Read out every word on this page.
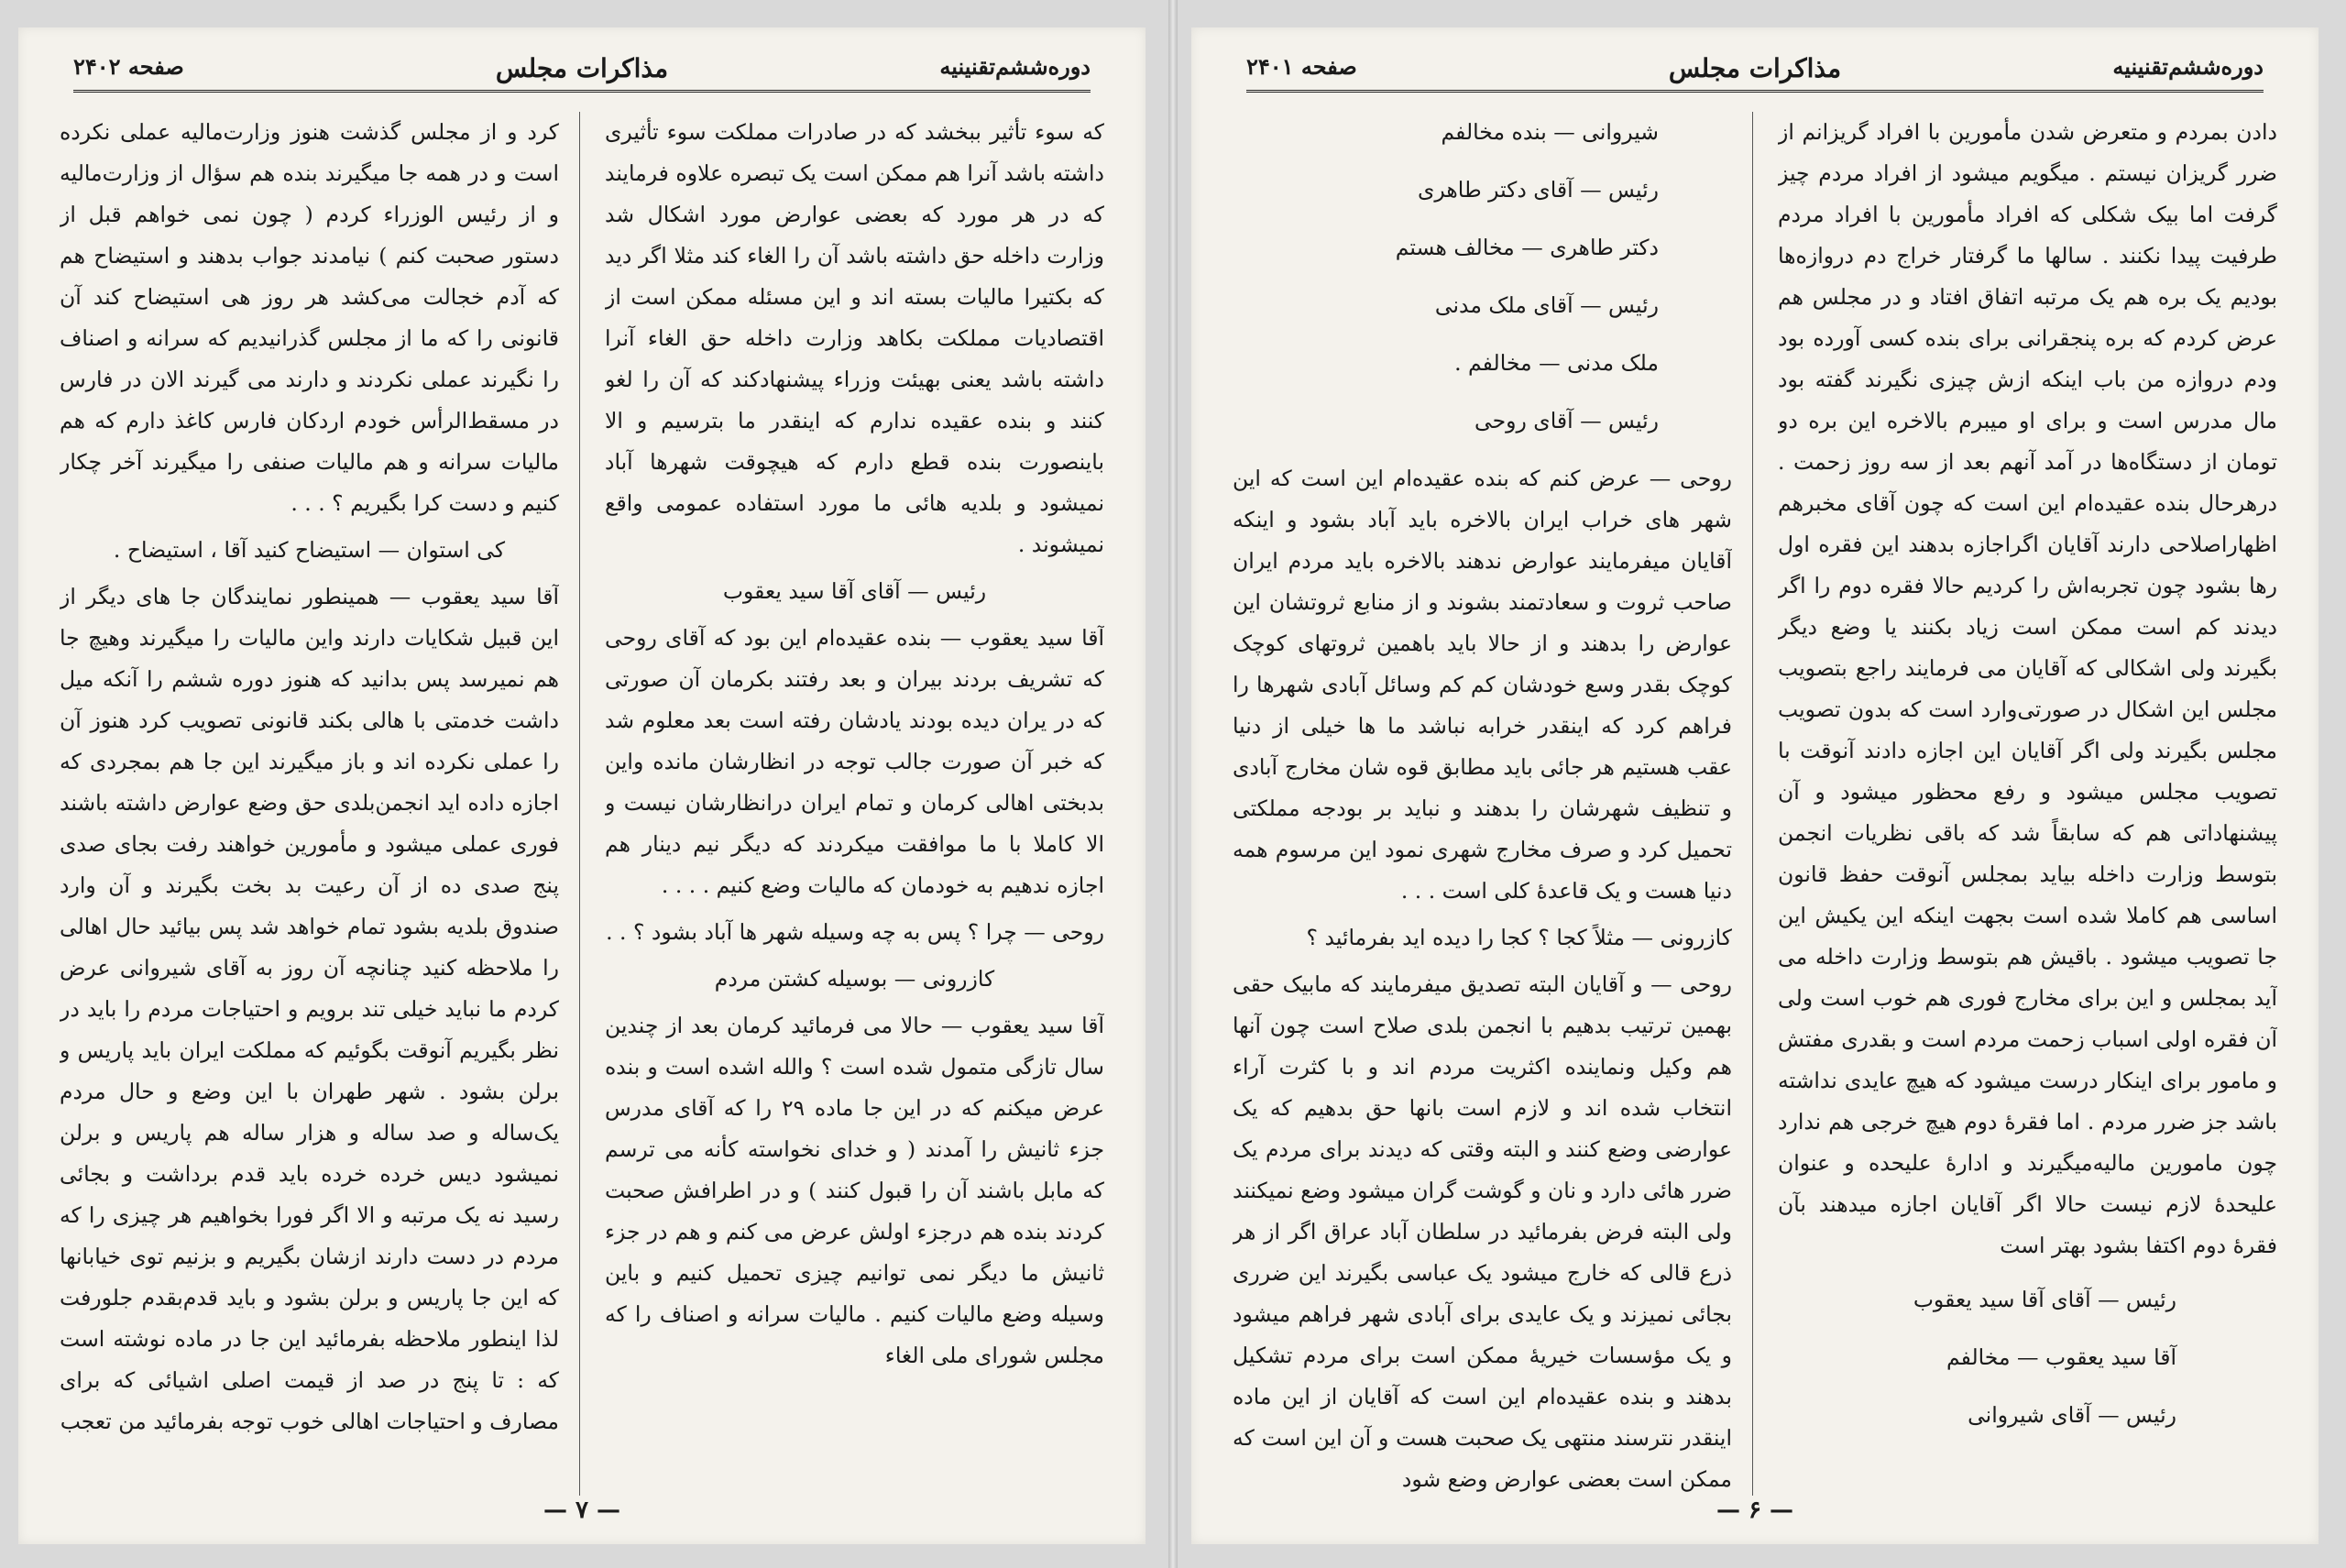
دوره‌ششم‌تقنینیه
مذاکرات مجلس
صفحه ۲۴۰۲

که سوء تأثیر ببخشد که در صادرات مملکت سوء تأثیری داشته باشد آنرا هم ممکن است یک تبصره علاوه فرمایند که در هر مورد که بعضی عوارض مورد اشکال شد وزارت داخله حق داشته باشد آن را الغاء کند مثلا اگر دید که بکتیرا مالیات بسته اند و این مسئله ممکن است از اقتصادیات مملکت بکاهد وزارت داخله حق الغاء آنرا داشته باشد یعنی بهیئت وزراء پیشنهادکند که آن را لغو کنند و بنده عقیده ندارم که اینقدر ما بترسیم و الا باینصورت بنده قطع دارم که هیچوقت شهرها آباد نمیشود و بلدیه هائی ما مورد استفاده عمومی واقع نمیشوند .

رئیس — آقای آقا سید یعقوب

آقا سید یعقوب — بنده عقیده‌ام این بود که آقای روحی که تشریف بردند بیران و بعد رفتند بکرمان آن صورتی که در یران دیده بودند یادشان رفته است بعد معلوم شد که خبر آن صورت جالب توجه در انظارشان مانده واین بدبختی اهالی کرمان و تمام ایران درانظارشان نیست و الا کاملا با ما موافقت میکردند که دیگر نیم دینار هم اجازه ندهیم به خودمان که مالیات وضع کنیم . . . .

روحی — چرا ؟ پس به چه وسیله شهر ها آباد بشود ؟ . .

کازرونی — بوسیله کشتن مردم

آقا سید یعقوب — حالا می فرمائید کرمان بعد از چندین سال تازگی متمول شده است ؟ والله اشده است و بنده عرض میکنم که در این جا ماده ۲۹ را که آقای مدرس جزء ثانیش را آمدند ( و خدای نخواسته کأنه می ترسم که مابل باشند آن را قبول کنند ) و در اطرافش صحبت کردند بنده هم درجزء اولش عرض می کنم و هم در جزء ثانیش ما دیگر نمی توانیم چیزی تحمیل کنیم و باین وسیله وضع مالیات کنیم . مالیات سرانه و اصناف را که مجلس شورای ملی الغاء

کرد و از مجلس گذشت هنوز وزارت‌مالیه عملی نکرده است و در همه جا میگیرند بنده هم سؤال از وزارت‌مالیه و از رئیس الوزراء کردم ( چون نمی خواهم قبل از دستور صحبت کنم ) نیامدند جواب بدهند و استیضاح هم که آدم خجالت می‌کشد هر روز هی استیضاح کند آن قانونی را که ما از مجلس گذرانیدیم که سرانه و اصناف را نگیرند عملی نکردند و دارند می گیرند الان در فارس در مسقط‌الرأس خودم اردکان فارس کاغذ دارم که هم مالیات سرانه و هم مالیات صنفی را میگیرند آخر چکار کنیم و دست کرا بگیریم ؟ . . .

کی استوان — استیضاح کنید آقا ، استیضاح .

آقا سید یعقوب — همینطور نمایندگان جا های دیگر از این قبیل شکایات دارند واین مالیات را میگیرند وهیچ جا هم نمیرسد پس بدانید که هنوز دوره ششم را آنکه میل داشت خدمتی با هالی بکند قانونی تصویب کرد هنوز آن را عملی نکرده اند و باز میگیرند این جا هم بمجردی که اجازه داده اید انجمن‌بلدی حق وضع عوارض داشته باشند فوری عملی میشود و مأمورین خواهند رفت بجای صدی پنج صدی ده از آن رعیت بد بخت بگیرند و آن وارد صندوق بلدیه بشود تمام خواهد شد پس بیائید حال اهالی را ملاحظه کنید چنانچه آن روز به آقای شیروانی عرض کردم ما نباید خیلی تند برویم و احتیاجات مردم را باید در نظر بگیریم آنوقت بگوئیم که مملکت ایران باید پاریس و برلن بشود . شهر طهران با این وضع و حال مردم یک‌ساله و صد ساله و هزار ساله هم پاریس و برلن نمیشود دیس خرده خرده باید قدم برداشت و بجائی رسید نه یک مرتبه و الا اگر فورا بخواهیم هر چیزی را که مردم در دست دارند ازشان بگیریم و بزنیم توی خیابانها که این جا پاریس و برلن بشود و باید قدم‌بقدم جلورفت لذا اینطور ملاحظه بفرمائید این جا در ماده نوشته است که : تا پنج در صد از قیمت اصلی اشیائی که برای مصارف و احتیاجات اهالی خوب توجه بفرمائید من تعجب

— ۷ —
دوره‌ششم‌تقنینیه
مذاکرات مجلس
صفحه ۲۴۰۱

دادن بمردم و متعرض شدن مأمورین با افراد گریزانم از ضرر گریزان نیستم . میگویم میشود از افراد مردم چیز گرفت اما بیک شکلی که افراد مأمورین با افراد مردم طرفیت پیدا نکنند . سالها ما گرفتار خراج دم دروازه‌ها بودیم یک بره هم یک مرتبه اتفاق افتاد و در مجلس هم عرض کردم که بره پنجقرانی برای بنده کسی آورده بود ودم دروازه من باب اینکه ازش چیزی نگیرند گفته بود مال مدرس است و برای او میبرم بالاخره این بره دو تومان از دستگاه‌ها در آمد آنهم بعد از سه روز زحمت . درهرحال بنده عقیده‌ام این است که چون آقای مخبرهم اظهاراصلاحی دارند آقایان اگراجازه بدهند این فقره اول رها بشود چون تجربه‌اش را کردیم حالا فقره دوم را اگر دیدند کم است ممکن است زیاد بکنند یا وضع دیگر بگیرند ولی اشکالی که آقایان می فرمایند راجع بتصویب مجلس این اشکال در صورتی‌وارد است که بدون تصویب مجلس بگیرند ولی اگر آقایان این اجازه دادند آنوقت با تصویب مجلس میشود و رفع محظور میشود و آن پیشنهاداتی هم که سابقاً شد که باقی نظریات انجمن بتوسط وزارت داخله بیاید بمجلس آنوقت حفظ قانون اساسی هم کاملا شده است بجهت اینکه این یکیش این جا تصویب میشود . باقیش هم بتوسط وزارت داخله می آید بمجلس و این برای مخارج فوری هم خوب است ولی آن فقره اولی اسباب زحمت مردم است و بقدری مفتش و مامور برای اینکار درست میشود که هیچ عایدی نداشته باشد جز ضرر مردم . اما فقرهٔ دوم هیچ خرجی هم ندارد چون مامورین مالیه‌میگیرند و ادارهٔ علیحده و عنوان علیحدهٔ لازم نیست حالا اگر آقایان اجازه میدهند بآن فقرهٔ دوم اکتفا بشود بهتر است

رئیس — آقای آقا سید یعقوب

آقا سید یعقوب — مخالفم

رئیس — آقای شیروانی

شیروانی — بنده مخالفم

رئیس — آقای دکتر طاهری

دکتر طاهری — مخالف هستم

رئیس — آقای ملک مدنی

ملک مدنی — مخالفم .

رئیس — آقای روحی

روحی — عرض کنم که بنده عقیده‌ام این است که این شهر های خراب ایران بالاخره باید آباد بشود و اینکه آقایان میفرمایند عوارض ندهند بالاخره باید مردم ایران صاحب ثروت و سعادتمند بشوند و از منابع ثروتشان این عوارض را بدهند و از حالا باید باهمین ثروتهای کوچک کوچک بقدر وسع خودشان کم کم وسائل آبادی شهرها را فراهم کرد که اینقدر خرابه نباشد ما ها خیلی از دنیا عقب هستیم هر جائی باید مطابق قوه شان مخارج آبادی و تنظیف شهرشان را بدهند و نباید بر بودجه مملکتی تحمیل کرد و صرف مخارج شهری نمود این مرسوم همه دنیا هست و یک قاعدهٔ کلی است . . .

کازرونی — مثلاً کجا ؟ کجا را دیده اید بفرمائید ؟

روحی — و آقایان البته تصدیق میفرمایند که مابیک حقی بهمین ترتیب بدهیم با انجمن بلدی صلاح است چون آنها هم وکیل ونماینده اکثریت مردم اند و با کثرت آراء انتخاب شده اند و لازم است بانها حق بدهیم که یک عوارضی وضع کنند و البته وقتی که دیدند برای مردم یک ضرر هائی دارد و نان و گوشت گران میشود وضع نمیکنند ولی البته فرض بفرمائید در سلطان آباد عراق اگر از هر ذرع قالی که خارج میشود یک عباسی بگیرند این ضرری بجائی نمیزند و یک عایدی برای آبادی شهر فراهم میشود و یک مؤسسات خیریهٔ ممکن است برای مردم تشکیل بدهند و بنده عقیده‌ام این است که آقایان از این ماده اینقدر نترسند منتهی یک صحبت هست و آن این است که ممکن است بعضی عوارض وضع شود

— ۶ —
